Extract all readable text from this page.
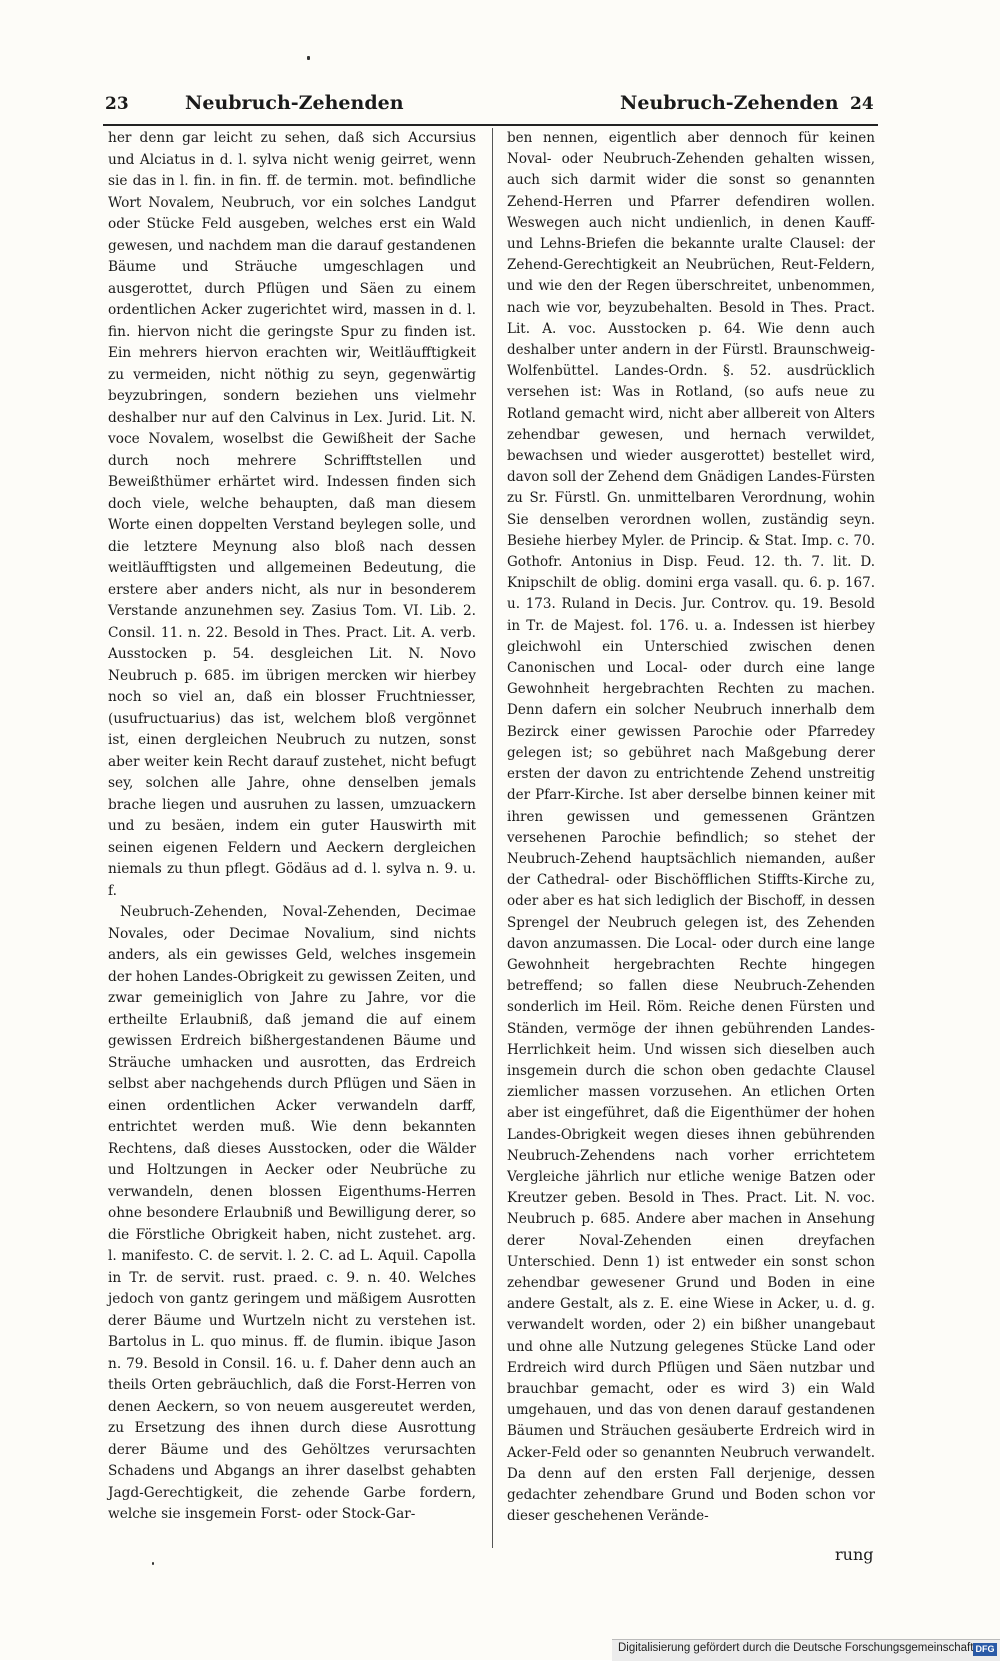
23	Neubruch-Zehenden	Neubruch-Zehenden 24

her denn gar leicht zu sehen, daß sich Accursius und Alciatus in d. l. sylva nicht wenig geirret, wenn sie das in l. fin. in fin. ff. de termin. mot. befindliche Wort Novalem, Neubruch, vor ein solches Landgut oder Stücke Feld ausgeben, welches erst ein Wald gewesen, und nachdem man die darauf gestandenen Bäume und Sträuche umgeschlagen und ausgerottet, durch Pflügen und Säen zu einem ordentlichen Acker zugerichtet wird, massen in d. l. fin. hiervon nicht die geringste Spur zu finden ist. Ein mehrers hiervon erachten wir, Weitläufftigkeit zu vermeiden, nicht nöthig zu seyn, gegenwärtig beyzubringen, sondern beziehen uns vielmehr deshalber nur auf den Calvinus in Lex. Jurid. Lit. N. voce Novalem, woselbst die Gewißheit der Sache durch noch mehrere Schrifftstellen und Beweißthümer erhärtet wird. Indessen finden sich doch viele, welche behaupten, daß man diesem Worte einen doppelten Verstand beylegen solle, und die letztere Meynung also bloß nach dessen weitläufftigsten und allgemeinen Bedeutung, die erstere aber anders nicht, als nur in besonderem Verstande anzunehmen sey. Zasius Tom. VI. Lib. 2. Consil. 11. n. 22. Besold in Thes. Pract. Lit. A. verb. Ausstocken p. 54. desgleichen Lit. N. Novo Neubruch p. 685. im übrigen mercken wir hierbey noch so viel an, daß ein blosser Fruchtniesser, (usufructuarius) das ist, welchem bloß vergönnet ist, einen dergleichen Neubruch zu nutzen, sonst aber weiter kein Recht darauf zustehet, nicht befugt sey, solchen alle Jahre, ohne denselben jemals brache liegen und ausruhen zu lassen, umzuackern und zu besäen, indem ein guter Hauswirth mit seinen eigenen Feldern und Aeckern dergleichen niemals zu thun pflegt. Gödäus ad d. l. sylva n. 9. u. f.

Neubruch-Zehenden, Noval-Zehenden, Decimae Novales, oder Decimae Novalium, sind nichts anders, als ein gewisses Geld, welches insgemein der hohen Landes-Obrigkeit zu gewissen Zeiten, und zwar gemeiniglich von Jahre zu Jahre, vor die ertheilte Erlaubniß, daß jemand die auf einem gewissen Erdreich bißhergestandenen Bäume und Sträuche umhacken und ausrotten, das Erdreich selbst aber nachgehends durch Pflügen und Säen in einen ordentlichen Acker verwandeln darff, entrichtet werden muß. Wie denn bekannten Rechtens, daß dieses Ausstocken, oder die Wälder und Holtzungen in Aecker oder Neubrüche zu verwandeln, denen blossen Eigenthums-Herren ohne besondere Erlaubniß und Bewilligung derer, so die Förstliche Obrigkeit haben, nicht zustehet. arg. l. manifesto. C. de servit. l. 2. C. ad L. Aquil. Capolla in Tr. de servit. rust. praed. c. 9. n. 40. Welches jedoch von gantz geringem und mäßigem Ausrotten derer Bäume und Wurtzeln nicht zu verstehen ist. Bartolus in L. quo minus. ff. de flumin. ibique Jason n. 79. Besold in Consil. 16. u. f. Daher denn auch an theils Orten gebräuchlich, daß die Forst-Herren von denen Aeckern, so von neuem ausgereutet werden, zu Ersetzung des ihnen durch diese Ausrottung derer Bäume und des Gehöltzes verursachten Schadens und Abgangs an ihrer daselbst gehabten Jagd-Gerechtigkeit, die zehende Garbe fordern, welche sie insgemein Forst- oder Stock-Gar-

ben nennen, eigentlich aber dennoch für keinen Noval- oder Neubruch-Zehenden gehalten wissen, auch sich darmit wider die sonst so genannten Zehend-Herren und Pfarrer defendiren wollen. Weswegen auch nicht undienlich, in denen Kauff- und Lehns-Briefen die bekannte uralte Clausel: der Zehend-Gerechtigkeit an Neubrüchen, Reut-Feldern, und wie den der Regen überschreitet, unbenommen, nach wie vor, beyzubehalten. Besold in Thes. Pract. Lit. A. voc. Ausstocken p. 64. Wie denn auch deshalber unter andern in der Fürstl. Braunschweig-Wolfenbüttel. Landes-Ordn. §. 52. ausdrücklich versehen ist: Was in Rotland, (so aufs neue zu Rotland gemacht wird, nicht aber allbereit von Alters zehendbar gewesen, und hernach verwildet, bewachsen und wieder ausgerottet) bestellet wird, davon soll der Zehend dem Gnädigen Landes-Fürsten zu Sr. Fürstl. Gn. unmittelbaren Verordnung, wohin Sie denselben verordnen wollen, zuständig seyn. Besiehe hierbey Myler. de Princip. & Stat. Imp. c. 70. Gothofr. Antonius in Disp. Feud. 12. th. 7. lit. D. Knipschilt de oblig. domini erga vasall. qu. 6. p. 167. u. 173. Ruland in Decis. Jur. Controv. qu. 19. Besold in Tr. de Majest. fol. 176. u. a. Indessen ist hierbey gleichwohl ein Unterschied zwischen denen Canonischen und Local- oder durch eine lange Gewohnheit hergebrachten Rechten zu machen. Denn dafern ein solcher Neubruch innerhalb dem Bezirck einer gewissen Parochie oder Pfarredey gelegen ist; so gebühret nach Maßgebung derer ersten der davon zu entrichtende Zehend unstreitig der Pfarr-Kirche. Ist aber derselbe binnen keiner mit ihren gewissen und gemessenen Gräntzen versehenen Parochie befindlich; so stehet der Neubruch-Zehend hauptsächlich niemanden, außer der Cathedral- oder Bischöfflichen Stiffts-Kirche zu, oder aber es hat sich lediglich der Bischoff, in dessen Sprengel der Neubruch gelegen ist, des Zehenden davon anzumassen. Die Local- oder durch eine lange Gewohnheit hergebrachten Rechte hingegen betreffend; so fallen diese Neubruch-Zehenden sonderlich im Heil. Röm. Reiche denen Fürsten und Ständen, vermöge der ihnen gebührenden Landes-Herrlichkeit heim. Und wissen sich dieselben auch insgemein durch die schon oben gedachte Clausel ziemlicher massen vorzusehen. An etlichen Orten aber ist eingeführet, daß die Eigenthümer der hohen Landes-Obrigkeit wegen dieses ihnen gebührenden Neubruch-Zehendens nach vorher errichtetem Vergleiche jährlich nur etliche wenige Batzen oder Kreutzer geben. Besold in Thes. Pract. Lit. N. voc. Neubruch p. 685. Andere aber machen in Ansehung derer Noval-Zehenden einen dreyfachen Unterschied. Denn 1) ist entweder ein sonst schon zehendbar gewesener Grund und Boden in eine andere Gestalt, als z. E. eine Wiese in Acker, u. d. g. verwandelt worden, oder 2) ein bißher unangebaut und ohne alle Nutzung gelegenes Stücke Land oder Erdreich wird durch Pflügen und Säen nutzbar und brauchbar gemacht, oder es wird 3) ein Wald umgehauen, und das von denen darauf gestandenen Bäumen und Sträuchen gesäuberte Erdreich wird in Acker-Feld oder so genannten Neubruch verwandelt. Da denn auf den ersten Fall derjenige, dessen gedachter zehendbare Grund und Boden schon vor dieser geschehenen Verände-

rung
Digitalisierung gefördert durch die Deutsche Forschungsgemeinschaft DFG
